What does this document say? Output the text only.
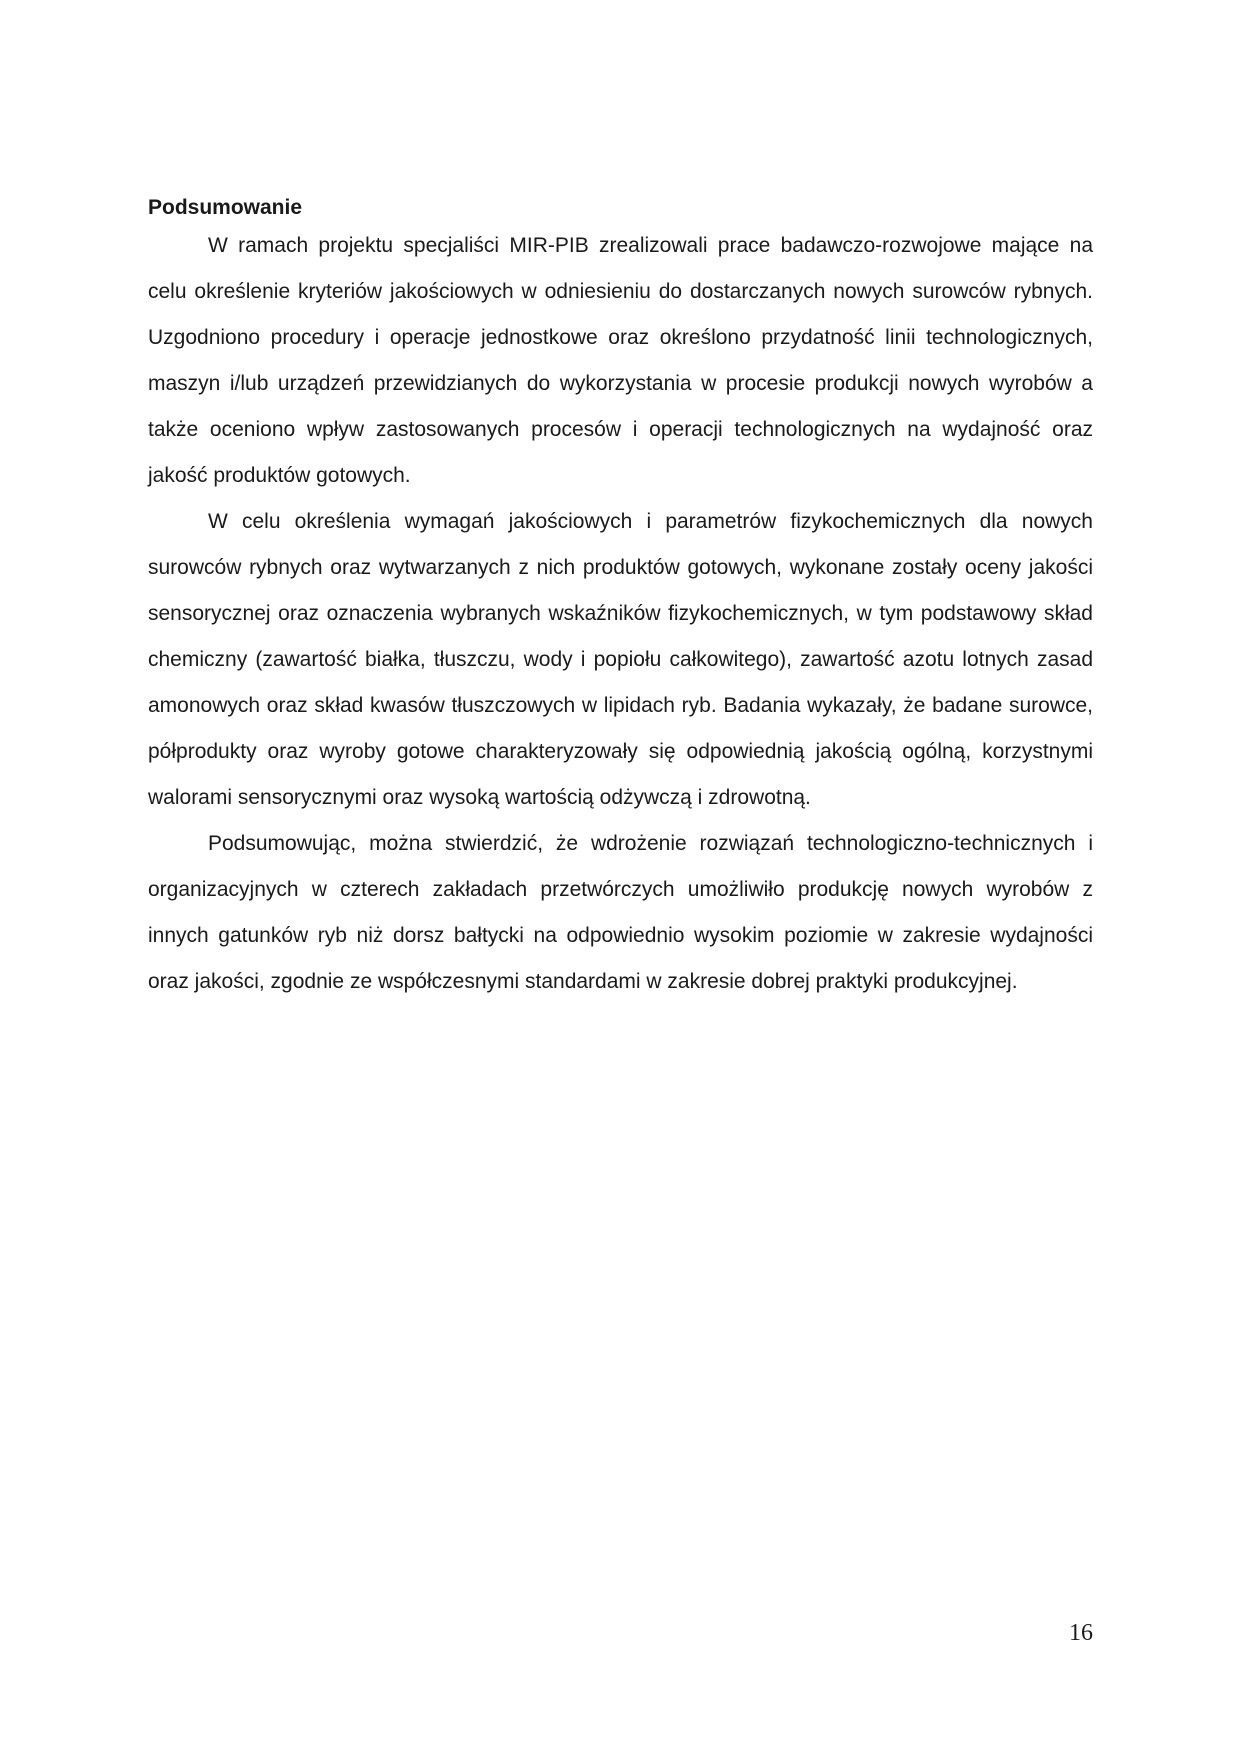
Podsumowanie

W ramach projektu specjaliści MIR-PIB zrealizowali prace badawczo-rozwojowe mające na celu określenie kryteriów jakościowych w odniesieniu do dostarczanych nowych surowców rybnych. Uzgodniono procedury i operacje jednostkowe oraz określono przydatność linii technologicznych, maszyn i/lub urządzeń przewidzianych do wykorzystania w procesie produkcji nowych wyrobów a także oceniono wpływ zastosowanych procesów i operacji technologicznych na wydajność oraz jakość produktów gotowych.

W celu określenia wymagań jakościowych i parametrów fizykochemicznych dla nowych surowców rybnych oraz wytwarzanych z nich produktów gotowych, wykonane zostały oceny jakości sensorycznej oraz oznaczenia wybranych wskaźników fizykochemicznych, w tym podstawowy skład chemiczny (zawartość białka, tłuszczu, wody i popiołu całkowitego), zawartość azotu lotnych zasad amonowych oraz skład kwasów tłuszczowych w lipidach ryb. Badania wykazały, że badane surowce, półprodukty oraz wyroby gotowe charakteryzowały się odpowiednią jakością ogólną, korzystnymi walorami sensorycznymi oraz wysoką wartością odżywczą i zdrowotną.

Podsumowując, można stwierdzić, że wdrożenie rozwiązań technologiczno-technicznych i organizacyjnych w czterech zakładach przetwórczych umożliwiło produkcję nowych wyrobów z innych gatunków ryb niż dorsz bałtycki na odpowiednio wysokim poziomie w zakresie wydajności oraz jakości, zgodnie ze współczesnymi standardami w zakresie dobrej praktyki produkcyjnej.

16
